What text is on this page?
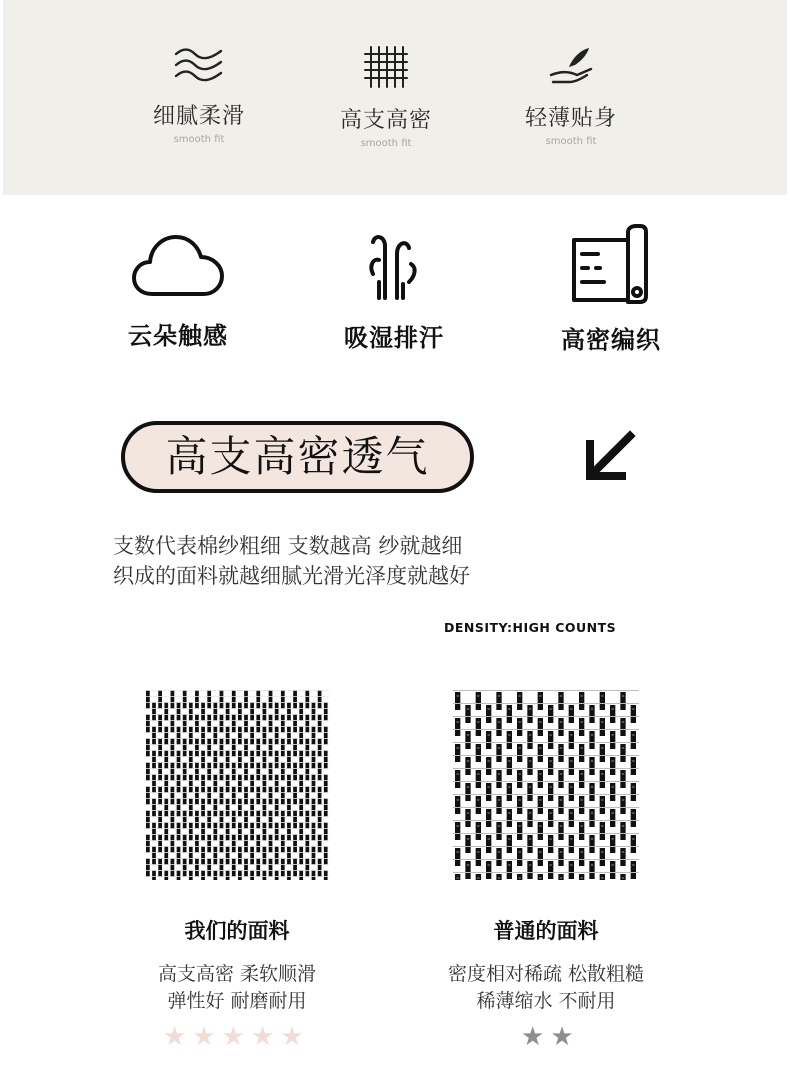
细腻柔滑
smooth fit
高支高密
smooth fit
轻薄贴身
smooth fit
云朵触感	吸湿排汗	高密编织
高支高密透气
支数代表棉纱粗细 支数越高 纱就越细
织成的面料就越细腻光滑光泽度就越好
DENSITY:HIGH COUNTS
我们的面料
高支高密 柔软顺滑
弹性好 耐磨耐用
普通的面料
密度相对稀疏 松散粗糙
稀薄缩水 不耐用
★ ★ ★ ★ ★	★ ★
